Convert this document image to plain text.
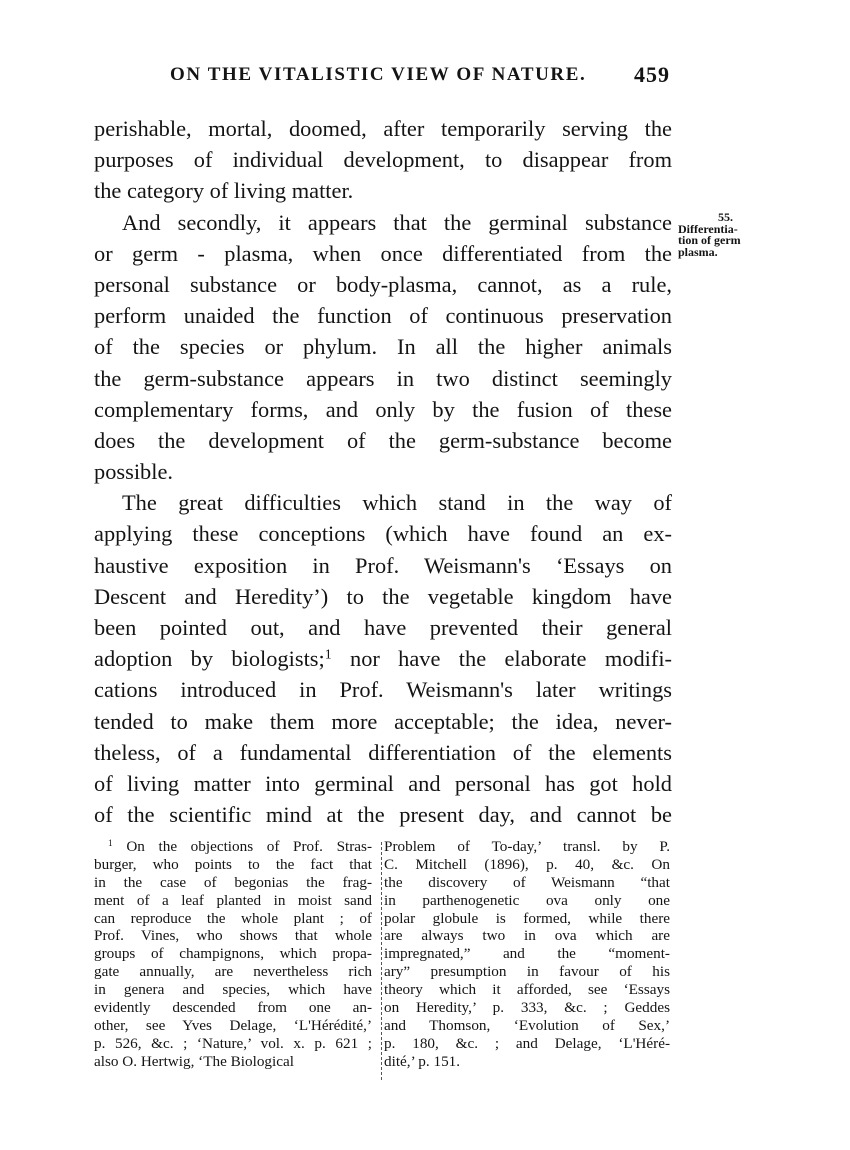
ON THE VITALISTIC VIEW OF NATURE. 459
perishable, mortal, doomed, after temporarily serving the
purposes of individual development, to disappear from
the category of living matter.
And secondly, it appears that the germinal substance
or germ - plasma, when once differentiated from the
personal substance or body-plasma, cannot, as a rule,
perform unaided the function of continuous preservation
of the species or phylum. In all the higher animals
the germ-substance appears in two distinct seemingly
complementary forms, and only by the fusion of these
does the development of the germ-substance become
possible.
The great difficulties which stand in the way of
applying these conceptions (which have found an ex-
haustive exposition in Prof. Weismann's ‘Essays on
Descent and Heredity’) to the vegetable kingdom have
been pointed out, and have prevented their general
adoption by biologists;$^1$ nor have the elaborate modifi-
cations introduced in Prof. Weismann's later writings
tended to make them more acceptable; the idea, never-
theless, of a fundamental differentiation of the elements
of living matter into germinal and personal has got hold
of the scientific mind at the present day, and cannot be
55.
Differentia-
tion of germ
plasma.
$^1$ On the objections of Prof. Stras-
burger, who points to the fact that
in the case of begonias the frag-
ment of a leaf planted in moist sand
can reproduce the whole plant ; of
Prof. Vines, who shows that whole
groups of champignons, which propa-
gate annually, are nevertheless rich
in genera and species, which have
evidently descended from one an-
other, see Yves Delage, ‘L'Hérédité,’
p. 526, &c. ; ‘Nature,’ vol. x. p. 621 ;
also O. Hertwig, ‘The Biological
Problem of To-day,’ transl. by P.
C. Mitchell (1896), p. 40, &c. On
the discovery of Weismann “that
in parthenogenetic ova only one
polar globule is formed, while there
are always two in ova which are
impregnated,” and the “moment-
ary” presumption in favour of his
theory which it afforded, see ‘Essays
on Heredity,’ p. 333, &c. ; Geddes
and Thomson, ‘Evolution of Sex,’
p. 180, &c. ; and Delage, ‘L'Héré-
dité,’ p. 151.
